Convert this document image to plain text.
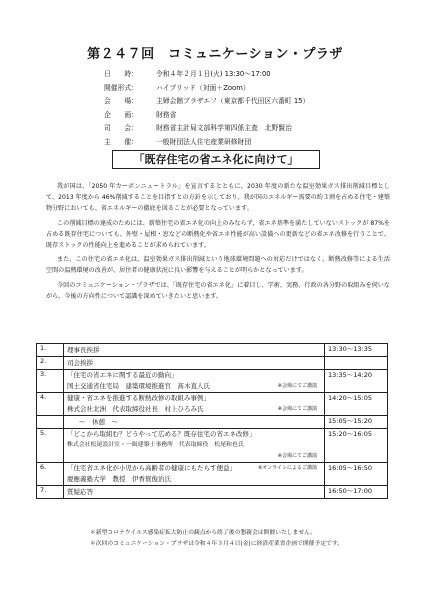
第２４７回　コミュニケーション・プラザ
日　　時：	令和４年２月１日(火) 13:30～17:00
開催形式：	ハイブリッド（対面＋Zoom）
会　　場：	主婦会館プラザエフ（東京都千代田区六番町 15）
企　　画：	財務省
司　　会：	財務省主計局文部科学第四係主査　北野賢治
主　　催：	一般財団法人住宅産業研修財団
「既存住宅の省エネ化に向けて」

我が国は、「2050 年カーボンニュートラル」を宣言するとともに、2030 年度の新たな温室効果ガス排出削減目標として、2013 年度から 46%削減することを目指すとの方針を示しており、我が国のエネルギー需要の約３割を占める住宅・建築物分野においても、省エネルギーの徹底を図ることが必要となっています。

この削減目標の達成のためには、新築住宅の省エネ化の向上のみならず、省エネ基準を満たしていないストックが 87%を占める既存住宅についても、外壁・屋根・窓などの断熱化や省エネ性能が高い設備への更新などの省エネ改修を行うことで、既存ストックの性能向上を進めることが求められています。

また、この住宅の省エネ化は、温室効果ガス排出削減という地球環境問題への対応だけではなく、断熱改修等による生活空間の温熱環境の改善が、居住者の健康状況に良い影響を与えることが明らかとなっています。

今回のコミュニケーション・プラザでは、「既存住宅の省エネ化」に着目し、学術、実務、行政の各分野の取組みを伺いながら、今後の方向性について認識を深めていきたいと思います。

1.	理事長挨拶	13:30～13:35
2.	司会挨拶	

3.	「住宅の省エネに関する最近の動向」
国土交通省住宅局　建築環境推進官　髙木直人氏 ※会場にてご講演	13:35～14:20
4.	健康・省エネを推進する断熱改修の取組み事例」
株式会社北洲　代表取締役社長　村上ひろみ氏 ※会場にてご講演	14:20～15:05

	～　休憩　～	15:05～15:20
5.	「どこから取組む？どうやって広める？既存住宅の省エネ改修」
株式会社松尾設計室・一級建築士事務所　代表取締役　松尾和也氏
※会場にてご講演	15:20～16:05
6.	「住宅省エネ化が小児から高齢者の健康にもたらす便益」 ※オンラインによるご講演
慶應義塾大学　教授　伊香賀俊治氏	16:05～16:50
7.	質疑応答	16:50～17:00
＊新型コロナウイルス感染症拡大防止の観点から終了後の懇親会は開催いたしません。
＊次回のコミュニケーション・プラザは令和４年３月４日(金)に経済産業省企画で開催予定です。
